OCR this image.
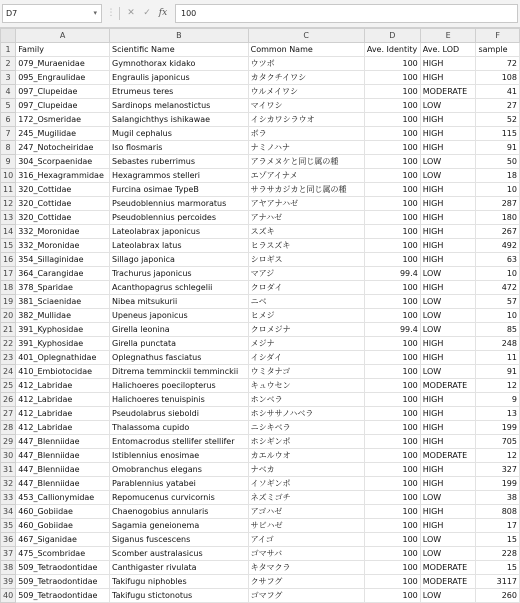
D7	▾ ⋮	✕ ✓ fx	100
	A	B	C	D	E	F
1	Family	Scientific Name	Common Name	Ave. Identity	Ave. LOD	sample
2	079_Muraenidae	Gymnothorax kidako	ウツボ	100	HIGH	72
3	095_Engraulidae	Engraulis japonicus	カタクチイワシ	100	HIGH	108
4	097_Clupeidae	Etrumeus teres	ウルメイワシ	100	MODERATE	41
5	097_Clupeidae	Sardinops melanostictus	マイワシ	100	LOW	27
6	172_Osmeridae	Salangichthys ishikawae	イシカワシラウオ	100	HIGH	52
7	245_Mugilidae	Mugil cephalus	ボラ	100	HIGH	115
8	247_Notocheiridae	Iso flosmaris	ナミノハナ	100	HIGH	91
9	304_Scorpaenidae	Sebastes ruberrimus	アラメヌケと同じ属の種	100	LOW	50
10	316_Hexagrammidae	Hexagrammos stelleri	エゾアイナメ	100	LOW	18
11	320_Cottidae	Furcina osimae TypeB	サラサカジカと同じ属の種	100	HIGH	10
12	320_Cottidae	Pseudoblennius marmoratus	アヤアナハゼ	100	HIGH	287
13	320_Cottidae	Pseudoblennius percoides	アナハゼ	100	HIGH	180
14	332_Moronidae	Lateolabrax japonicus	スズキ	100	HIGH	267
15	332_Moronidae	Lateolabrax latus	ヒラスズキ	100	HIGH	492
16	354_Sillaginidae	Sillago japonica	シロギス	100	HIGH	63
17	364_Carangidae	Trachurus japonicus	マアジ	99.4	LOW	10
18	378_Sparidae	Acanthopagrus schlegelii	クロダイ	100	HIGH	472
19	381_Sciaenidae	Nibea mitsukurii	ニベ	100	LOW	57
20	382_Mullidae	Upeneus japonicus	ヒメジ	100	LOW	10
21	391_Kyphosidae	Girella leonina	クロメジナ	99.4	LOW	85
22	391_Kyphosidae	Girella punctata	メジナ	100	HIGH	248
23	401_Oplegnathidae	Oplegnathus fasciatus	イシダイ	100	HIGH	11
24	410_Embiotocidae	Ditrema temminckii temminckii	ウミタナゴ	100	LOW	91
25	412_Labridae	Halichoeres poecilopterus	キュウセン	100	MODERATE	12
26	412_Labridae	Halichoeres tenuispinis	ホンベラ	100	HIGH	9
27	412_Labridae	Pseudolabrus sieboldi	ホシササノハベラ	100	HIGH	13
28	412_Labridae	Thalassoma cupido	ニシキベラ	100	HIGH	199
29	447_Blenniidae	Entomacrodus stellifer stellifer	ホシギンポ	100	HIGH	705
30	447_Blenniidae	Istiblennius enosimae	カエルウオ	100	MODERATE	12
31	447_Blenniidae	Omobranchus elegans	ナベカ	100	HIGH	327
32	447_Blenniidae	Parablennius yatabei	イソギンポ	100	HIGH	199
33	453_Callionymidae	Repomucenus curvicornis	ネズミゴチ	100	LOW	38
34	460_Gobiidae	Chaenogobius annularis	アゴハゼ	100	HIGH	808
35	460_Gobiidae	Sagamia geneionema	サビハゼ	100	HIGH	17
36	467_Siganidae	Siganus fuscescens	アイゴ	100	LOW	15
37	475_Scombridae	Scomber australasicus	ゴマサバ	100	LOW	228
38	509_Tetraodontidae	Canthigaster rivulata	キタマクラ	100	MODERATE	15
39	509_Tetraodontidae	Takifugu niphobles	クサフグ	100	MODERATE	3117
40	509_Tetraodontidae	Takifugu stictonotus	ゴマフグ	100	LOW	260
